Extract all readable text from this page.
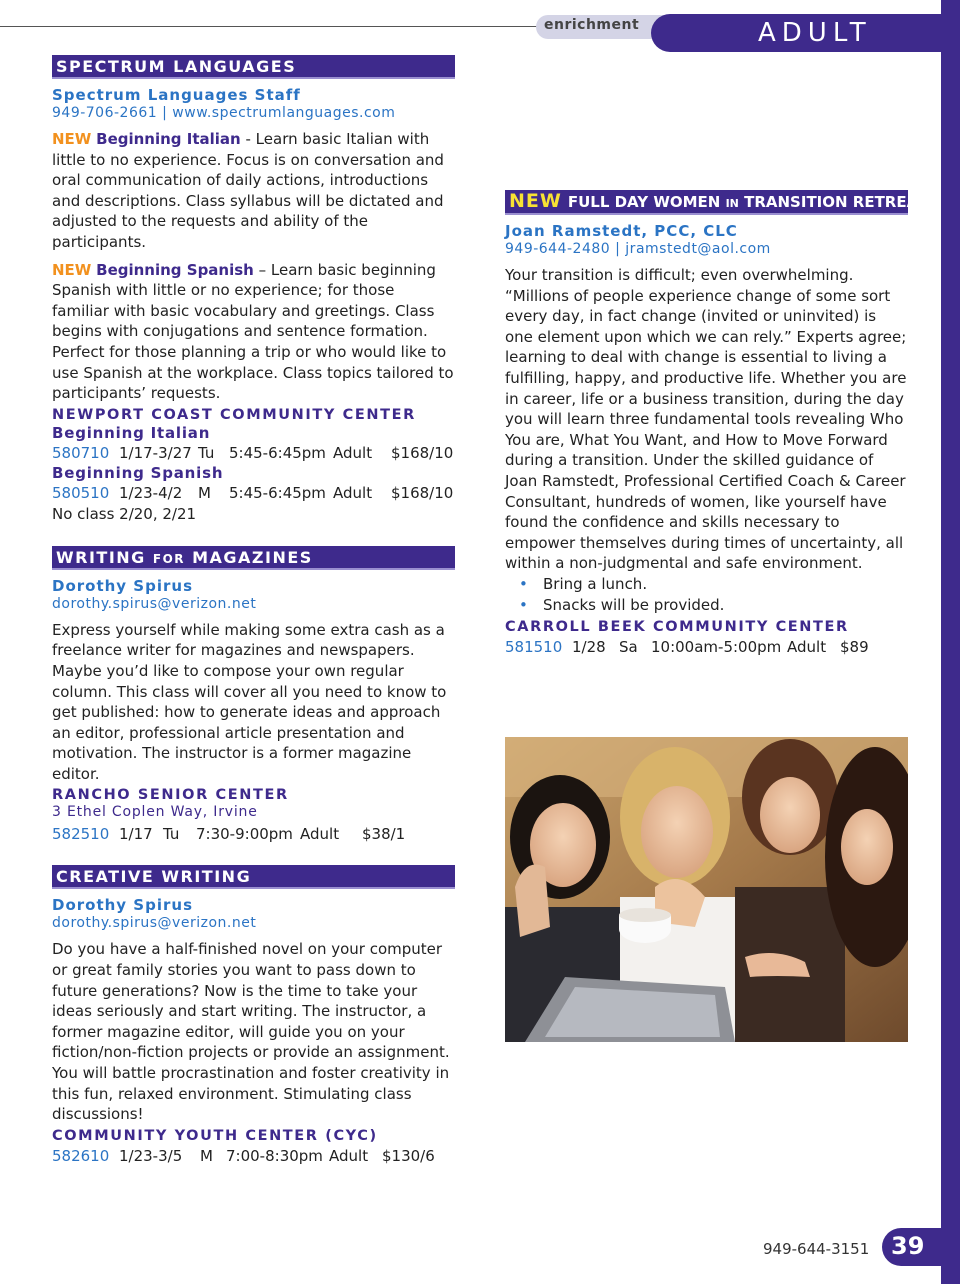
enrichment	ADULT
SPECTRUM LANGUAGES
Spectrum Languages Staff
949-706-2661 | www.spectrumlanguages.com
NEW Beginning Italian - Learn basic Italian with little to no experience. Focus is on conversation and oral communication of daily actions, introductions and descriptions. Class syllabus will be dictated and adjusted to the requests and ability of the participants.
NEW Beginning Spanish – Learn basic beginning Spanish with little or no experience; for those familiar with basic vocabulary and greetings. Class begins with conjugations and sentence formation. Perfect for those planning a trip or who would like to use Spanish at the workplace. Class topics tailored to participants’ requests.
NEWPORT COAST COMMUNITY CENTER
Beginning Italian
580710 1/17-3/27 Tu 5:45-6:45pm Adult $168/10
Beginning Spanish
580510 1/23-4/2 M 5:45-6:45pm Adult $168/10
No class 2/20, 2/21
WRITING FOR MAGAZINES
Dorothy Spirus
dorothy.spirus@verizon.net
Express yourself while making some extra cash as a freelance writer for magazines and newspapers. Maybe you’d like to compose your own regular column. This class will cover all you need to know to get published: how to generate ideas and approach an editor, professional article presentation and motivation. The instructor is a former magazine editor.
RANCHO SENIOR CENTER
3 Ethel Coplen Way, Irvine
582510 1/17 Tu 7:30-9:00pm Adult $38/1
CREATIVE WRITING
Dorothy Spirus
dorothy.spirus@verizon.net
Do you have a half-finished novel on your computer or great family stories you want to pass down to future generations? Now is the time to take your ideas seriously and start writing. The instructor, a former magazine editor, will guide you on your fiction/non-fiction projects or provide an assignment. You will battle procrastination and foster creativity in this fun, relaxed environment. Stimulating class discussions!
COMMUNITY YOUTH CENTER (CYC)
582610 1/23-3/5 M 7:00-8:30pm Adult $130/6
NEW FULL DAY WOMEN IN TRANSITION RETREAT
Joan Ramstedt, PCC, CLC
949-644-2480 | jramstedt@aol.com
Your transition is difficult; even overwhelming. “Millions of people experience change of some sort every day, in fact change (invited or uninvited) is one element upon which we can rely.” Experts agree; learning to deal with change is essential to living a fulfilling, happy, and productive life. Whether you are in career, life or a business transition, during the day you will learn three fundamental tools revealing Who You are, What You Want, and How to Move Forward during a transition. Under the skilled guidance of Joan Ramstedt, Professional Certified Coach & Career Consultant, hundreds of women, like yourself have found the confidence and skills necessary to empower themselves during times of uncertainty, all within a non-judgmental and safe environment.
• Bring a lunch.
• Snacks will be provided.
CARROLL BEEK COMMUNITY CENTER
581510 1/28 Sa 10:00am-5:00pm Adult $89
949-644-3151 39
